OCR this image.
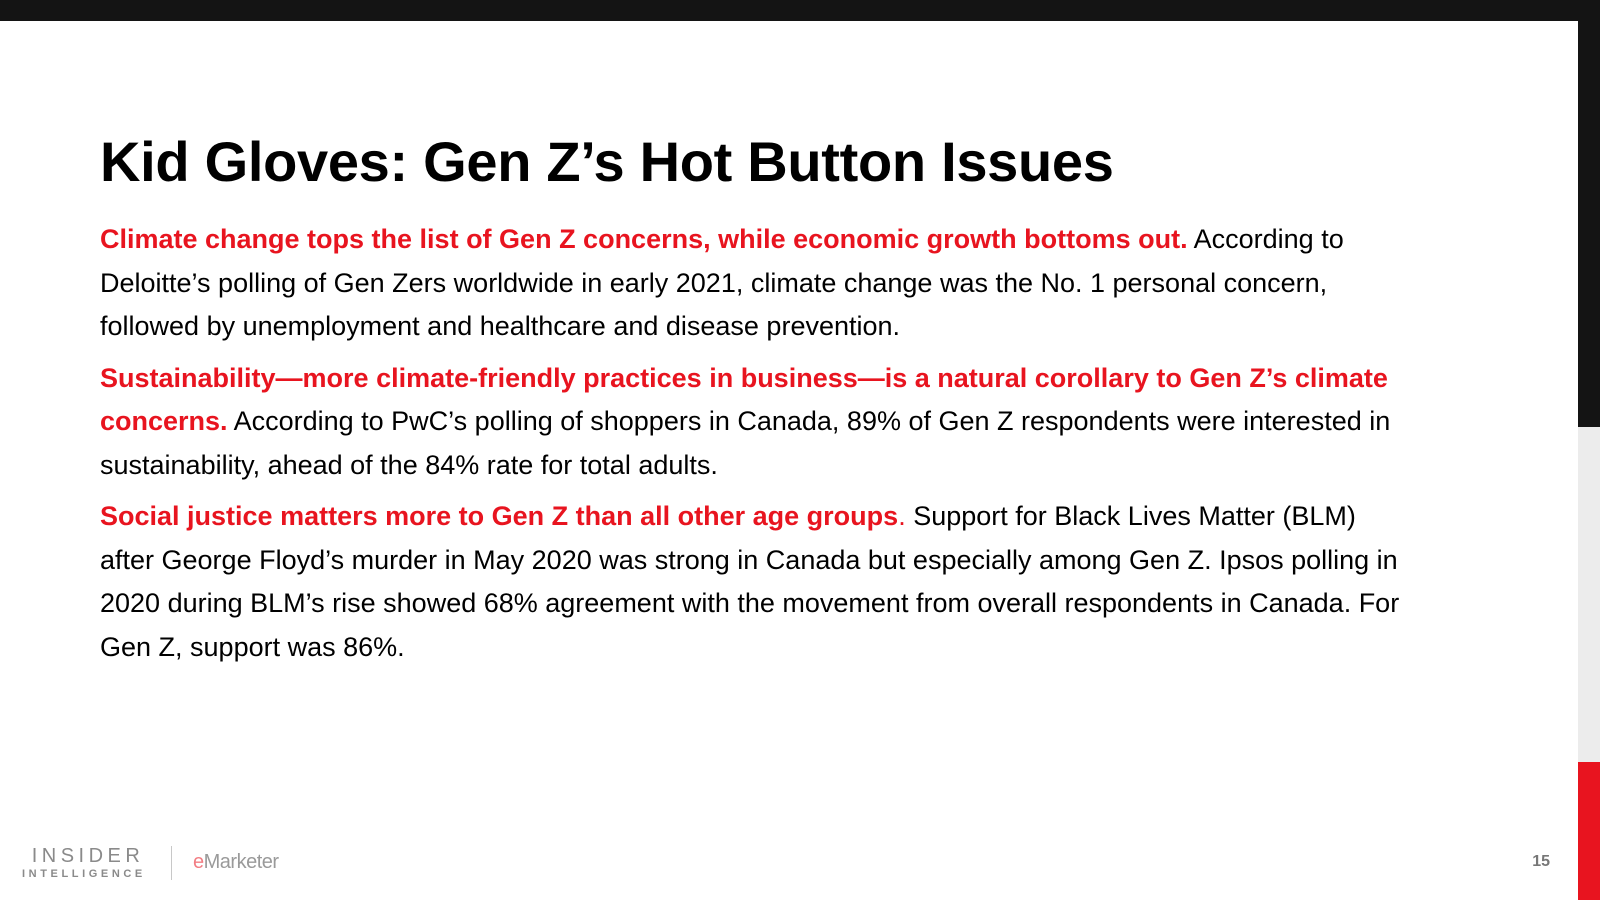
Kid Gloves: Gen Z’s Hot Button Issues

Climate change tops the list of Gen Z concerns, while economic growth bottoms out. According to Deloitte’s polling of Gen Zers worldwide in early 2021, climate change was the No. 1 personal concern, followed by unemployment and healthcare and disease prevention.

Sustainability—more climate-friendly practices in business—is a natural corollary to Gen Z’s climate concerns. According to PwC’s polling of shoppers in Canada, 89% of Gen Z respondents were interested in sustainability, ahead of the 84% rate for total adults.

Social justice matters more to Gen Z than all other age groups. Support for Black Lives Matter (BLM) after George Floyd’s murder in May 2020 was strong in Canada but especially among Gen Z. Ipsos polling in 2020 during BLM’s rise showed 68% agreement with the movement from overall respondents in Canada. For Gen Z, support was 86%.

INSIDER
INTELLIGENCE
eMarketer	15
